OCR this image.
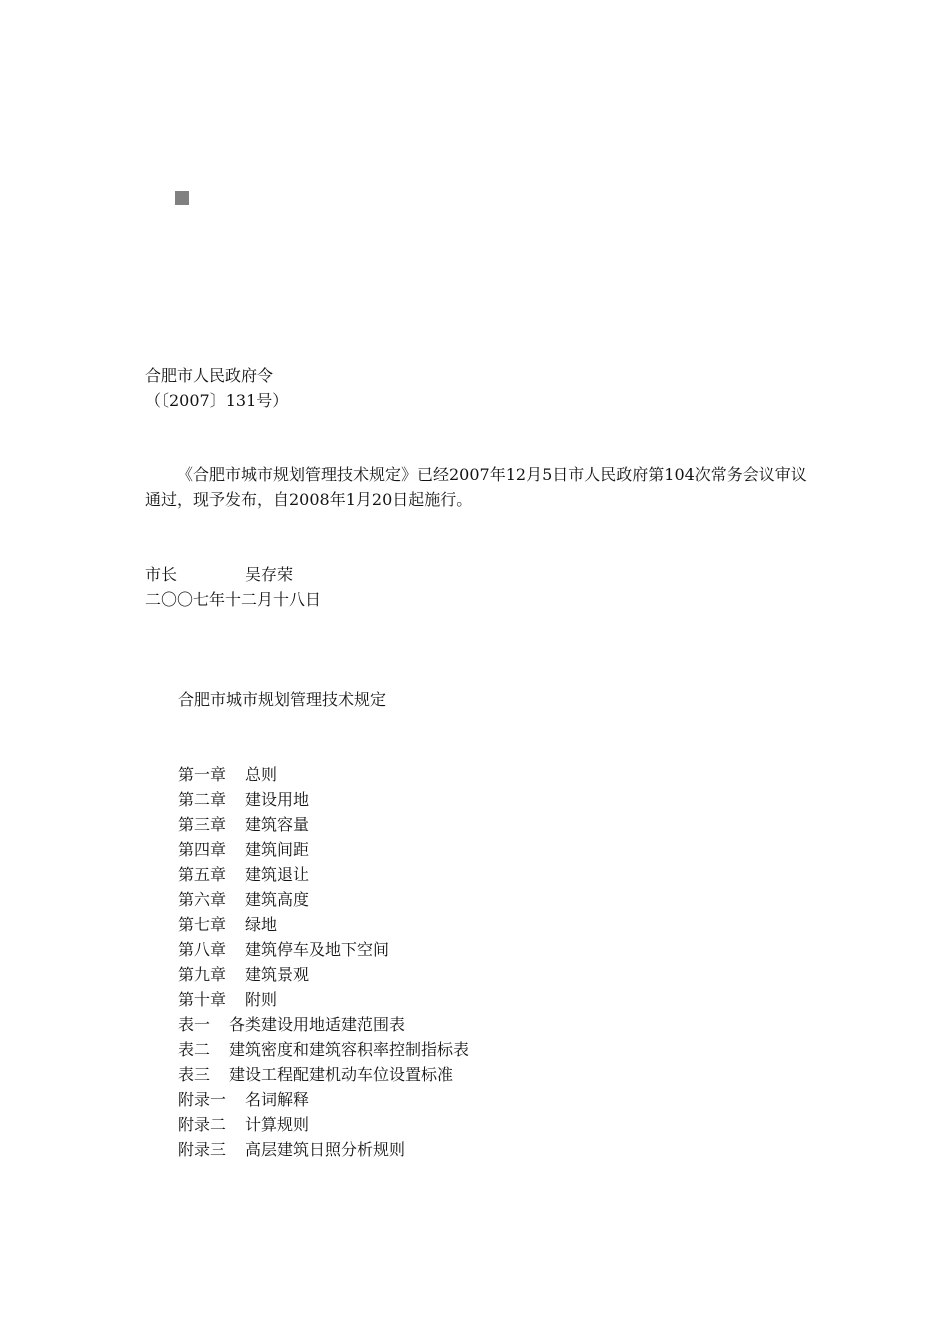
合肥市人民政府令
（〔2007〕131号）
《合肥市城市规划管理技术规定》已经2007年12月5日市人民政府第104次常务会议审议通过，现予发布，自2008年1月20日起施行。
市长	吴存荣
二〇〇七年十二月十八日
合肥市城市规划管理技术规定
第一章 总则
第二章 建设用地
第三章 建筑容量
第四章 建筑间距
第五章 建筑退让
第六章 建筑高度
第七章 绿地
第八章 建筑停车及地下空间
第九章 建筑景观
第十章 附则
表一 各类建设用地适建范围表
表二 建筑密度和建筑容积率控制指标表
表三 建设工程配建机动车位设置标准
附录一 名词解释
附录二 计算规则
附录三 高层建筑日照分析规则
